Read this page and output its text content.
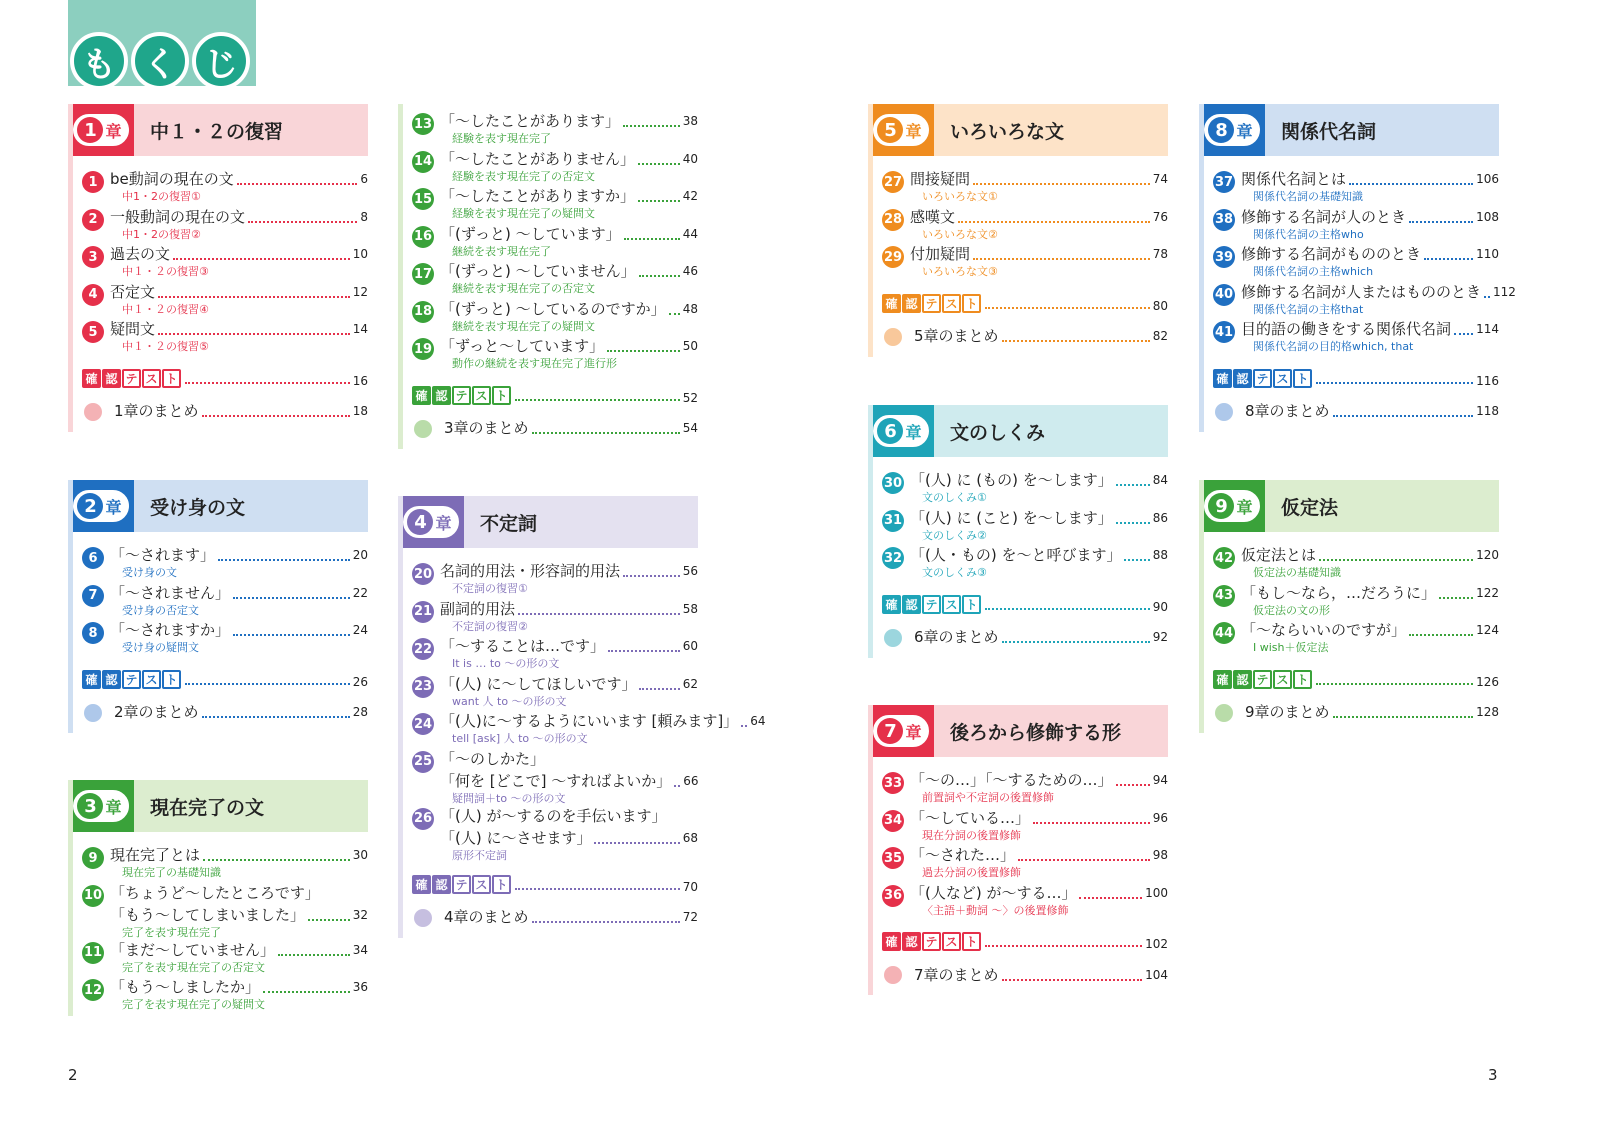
も く じ
1 章 中１・２の復習
1 be動詞の現在の文	6
中1・2の復習①
2 一般動詞の現在の文	8
中1・2の復習②
3 過去の文	10
中１・２の復習③
4 否定文	12
中１・２の復習④
5 疑問文	14
中１・２の復習⑤
確 認 テ ス ト	16
1章のまとめ	18
2 章 受け身の文
6 「～されます」	20
受け身の文
7 「～されません」	22
受け身の否定文
8 「～されますか」	24
受け身の疑問文
確 認 テ ス ト	26
2章のまとめ	28
3 章 現在完了の文
9 現在完了とは	30
現在完了の基礎知識
10 「ちょうど～したところです」
「もう～してしまいました」	32
完了を表す現在完了
11 「まだ～していません」	34
完了を表す現在完了の否定文
12 「もう～しましたか」	36
完了を表す現在完了の疑問文
13 「～したことがあります」	38
経験を表す現在完了
14 「～したことがありません」	40
経験を表す現在完了の否定文
15 「～したことがありますか」	42
経験を表す現在完了の疑問文
16 「(ずっと) ～しています」	44
継続を表す現在完了
17 「(ずっと) ～していません」	46
継続を表す現在完了の否定文
18 「(ずっと) ～しているのですか」 48
継続を表す現在完了の疑問文
19 「ずっと～しています」	50
動作の継続を表す現在完了進行形
確 認 テ ス ト	52
3章のまとめ	54
4 章 不定詞
20 名詞的用法・形容詞的用法	56
不定詞の復習①
21 副詞的用法	58
不定詞の復習②
22 「～することは…です」	60
It is … to ～の形の文
23 「(人) に～してほしいです」	62
want 人 to ～の形の文
24 「(人)に～するようにいいます [頼みます]」 64
tell [ask] 人 to ～の形の文
25 「～のしかた」
「何を [どこで] ～すればよいか」 66
疑問詞＋to ～の形の文
26 「(人) が～するのを手伝います」
「(人) に～させます」	68
原形不定詞
確 認 テ ス ト	70
4章のまとめ	72
5 章 いろいろな文
27 間接疑問	74
いろいろな文①
28 感嘆文	76
いろいろな文②
29 付加疑問	78
いろいろな文③
確 認 テ ス ト	80
5章のまとめ	82
6 章 文のしくみ
30 「(人) に (もの) を～します」	84
文のしくみ①
31 「(人) に (こと) を～します」	86
文のしくみ②
32 「(人・もの) を～と呼びます」	88
文のしくみ③
確 認 テ ス ト	90
6章のまとめ	92
7 章 後ろから修飾する形
33 「～の…」「～するための…」	94
前置詞や不定詞の後置修飾
34 「～している…」	96
現在分詞の後置修飾
35 「～された…」	98
過去分詞の後置修飾
36 「(人など) が～する…」	100
〈主語＋動詞 ～〉の後置修飾
確 認 テ ス ト	102
7章のまとめ	104
8 章 関係代名詞
37 関係代名詞とは	106
関係代名詞の基礎知識
38 修飾する名詞が人のとき	108
関係代名詞の主格who
39 修飾する名詞がもののとき	110
関係代名詞の主格which
40 修飾する名詞が人またはもののとき 112
関係代名詞の主格that
41 目的語の働きをする関係代名詞 114
関係代名詞の目的格which, that
確 認 テ ス ト	116
8章のまとめ	118
9 章 仮定法
42 仮定法とは	120
仮定法の基礎知識
43 「もし～なら，…だろうに」	122
仮定法の文の形
44 「～ならいいのですが」	124
I wish＋仮定法
確 認 テ ス ト	126
9章のまとめ	128
2	3
